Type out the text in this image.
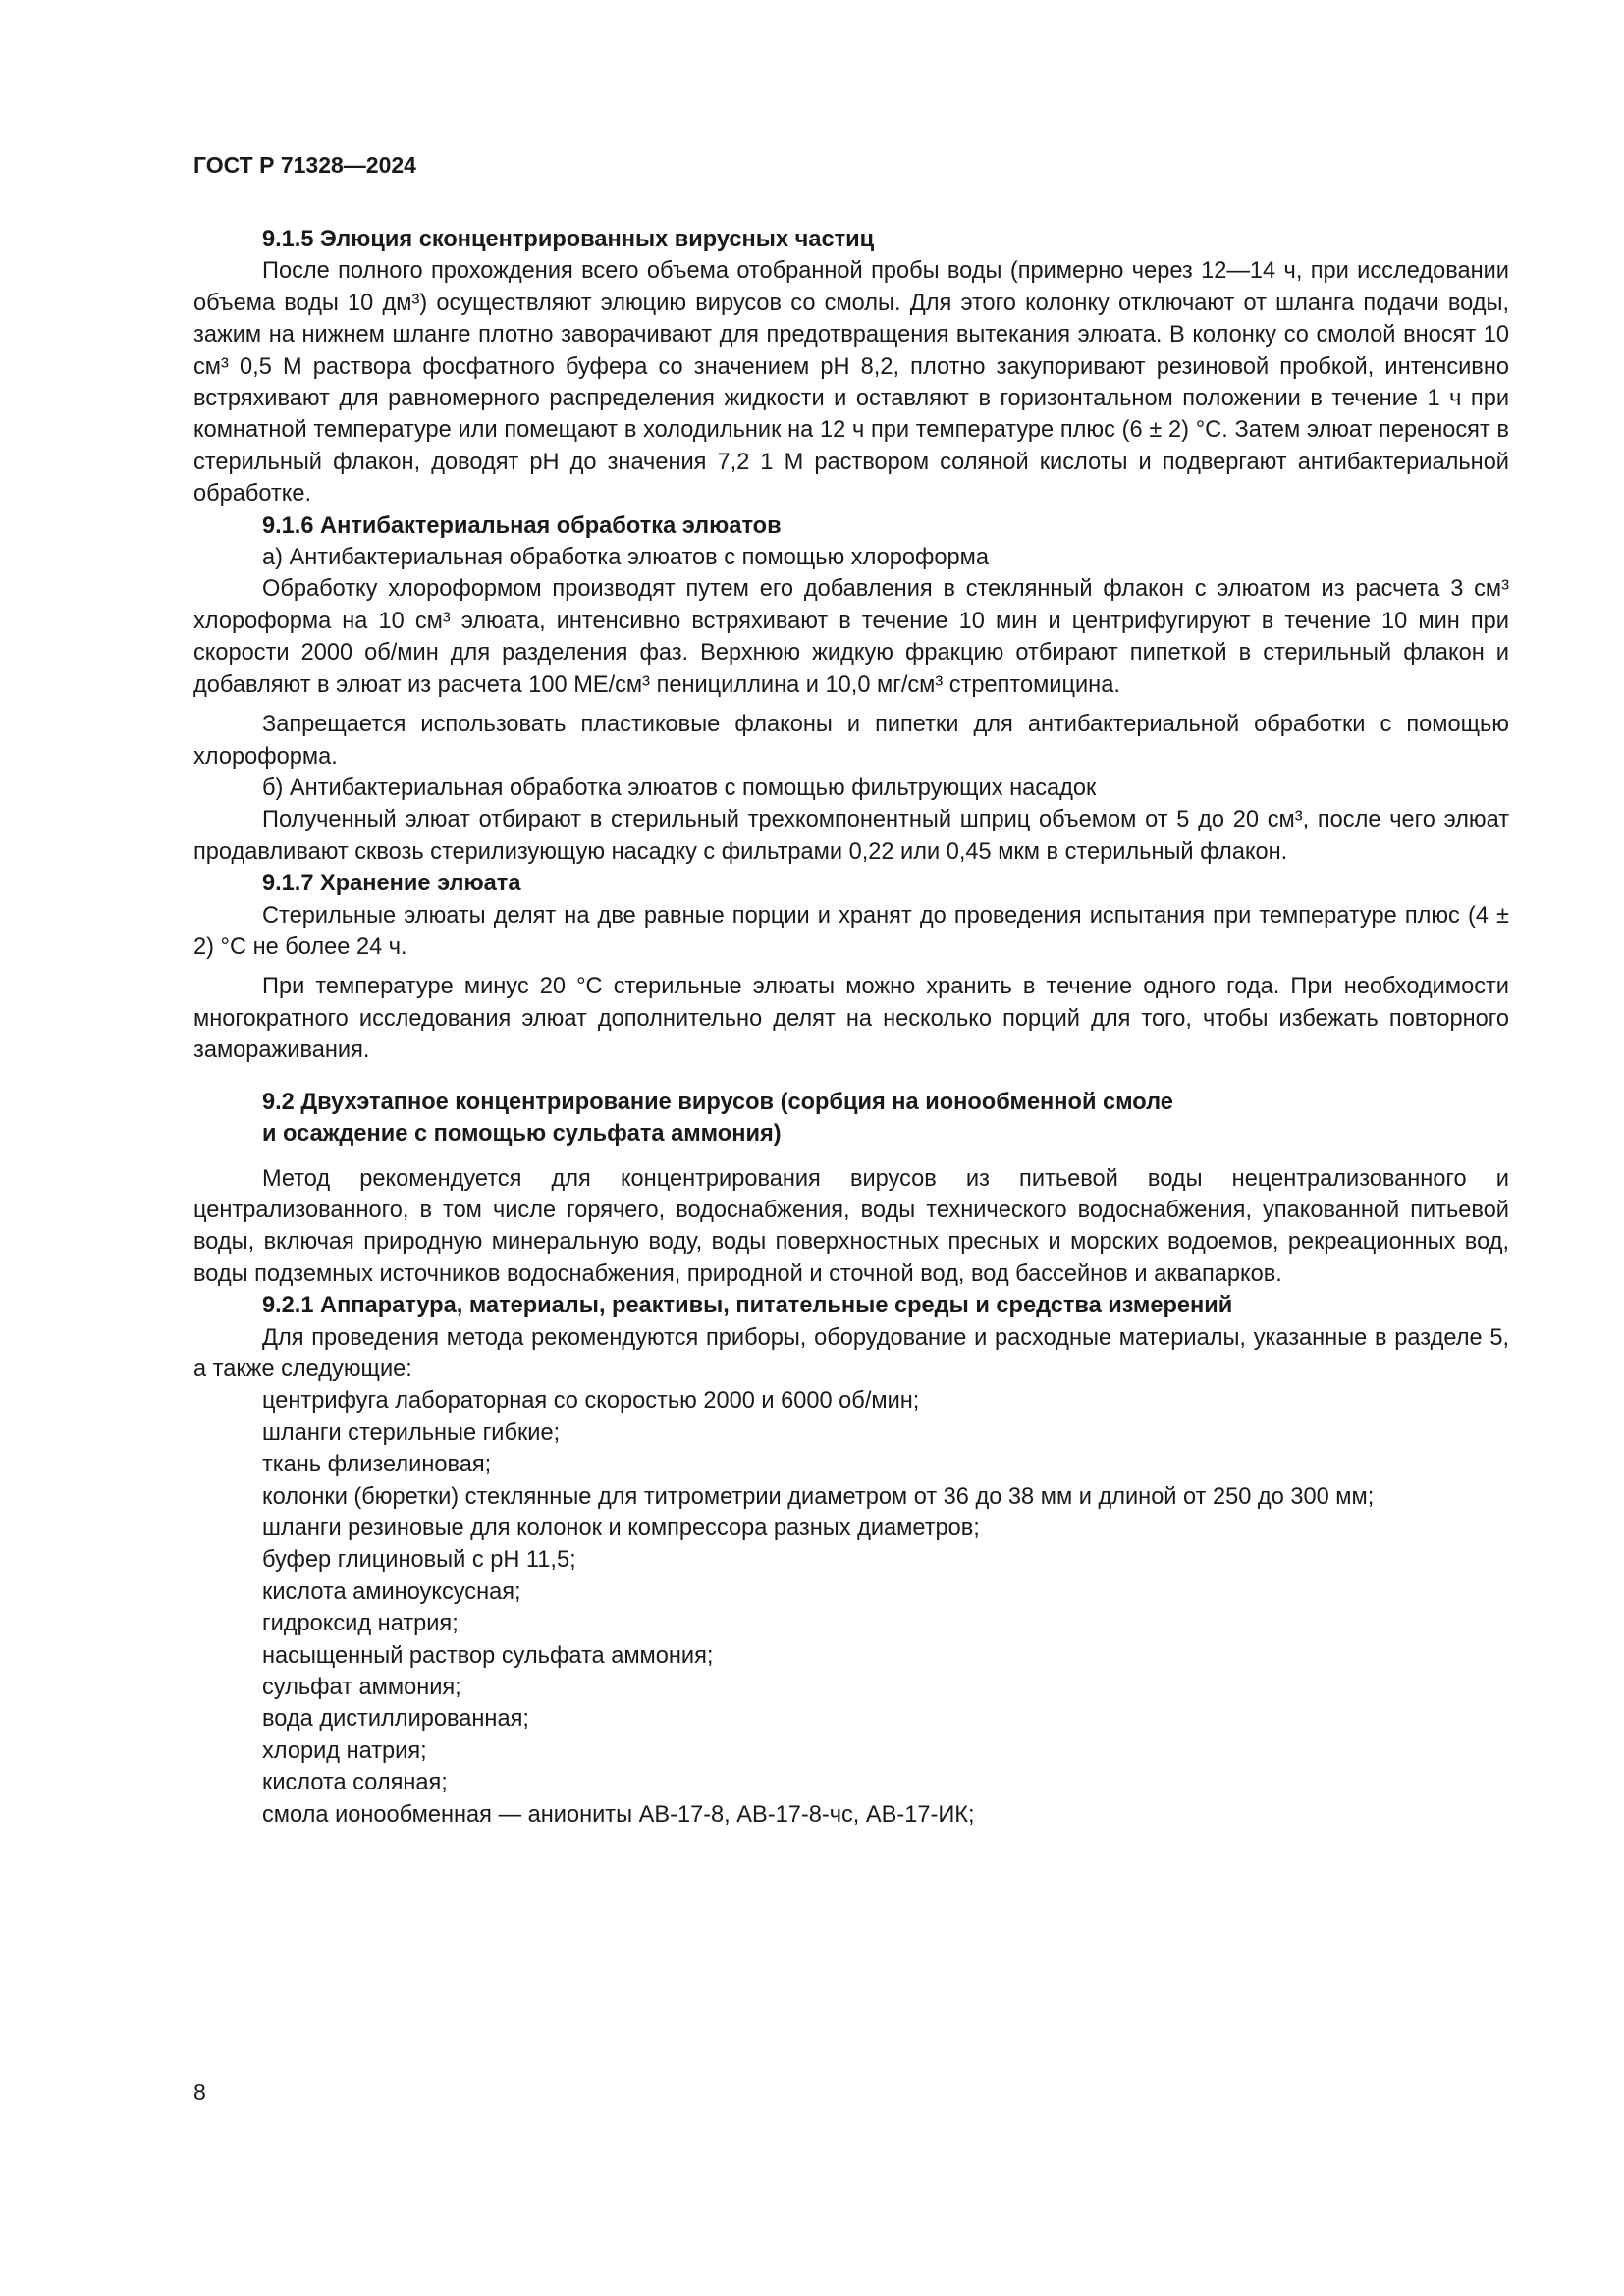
ГОСТ Р 71328—2024

9.1.5 Элюция сконцентрированных вирусных частиц

После полного прохождения всего объема отобранной пробы воды (примерно через 12—14 ч, при исследовании объема воды 10 дм³) осуществляют элюцию вирусов со смолы. Для этого колонку отключают от шланга подачи воды, зажим на нижнем шланге плотно заворачивают для предотвращения вытекания элюата. В колонку со смолой вносят 10 см³ 0,5 М раствора фосфатного буфера со значением pH 8,2, плотно закупоривают резиновой пробкой, интенсивно встряхивают для равномерного распределения жидкости и оставляют в горизонтальном положении в течение 1 ч при комнатной температуре или помещают в холодильник на 12 ч при температуре плюс (6 ± 2) °С. Затем элюат переносят в стерильный флакон, доводят pH до значения 7,2 1 М раствором соляной кислоты и подвергают антибактериальной обработке.

9.1.6 Антибактериальная обработка элюатов

а) Антибактериальная обработка элюатов с помощью хлороформа

Обработку хлороформом производят путем его добавления в стеклянный флакон с элюатом из расчета 3 см³ хлороформа на 10 см³ элюата, интенсивно встряхивают в течение 10 мин и центрифугируют в течение 10 мин при скорости 2000 об/мин для разделения фаз. Верхнюю жидкую фракцию отбирают пипеткой в стерильный флакон и добавляют в элюат из расчета 100 МЕ/см³ пенициллина и 10,0 мг/см³ стрептомицина.

Запрещается использовать пластиковые флаконы и пипетки для антибактериальной обработки с помощью хлороформа.

б) Антибактериальная обработка элюатов с помощью фильтрующих насадок

Полученный элюат отбирают в стерильный трехкомпонентный шприц объемом от 5 до 20 см³, после чего элюат продавливают сквозь стерилизующую насадку с фильтрами 0,22 или 0,45 мкм в стерильный флакон.

9.1.7 Хранение элюата

Стерильные элюаты делят на две равные порции и хранят до проведения испытания при температуре плюс (4 ± 2) °С не более 24 ч.

При температуре минус 20 °С стерильные элюаты можно хранить в течение одного года. При необходимости многократного исследования элюат дополнительно делят на несколько порций для того, чтобы избежать повторного замораживания.

9.2 Двухэтапное концентрирование вирусов (сорбция на ионообменной смоле
и осаждение с помощью сульфата аммония)

Метод рекомендуется для концентрирования вирусов из питьевой воды нецентрализованного и централизованного, в том числе горячего, водоснабжения, воды технического водоснабжения, упакованной питьевой воды, включая природную минеральную воду, воды поверхностных пресных и морских водоемов, рекреационных вод, воды подземных источников водоснабжения, природной и сточной вод, вод бассейнов и аквапарков.

9.2.1 Аппаратура, материалы, реактивы, питательные среды и средства измерений

Для проведения метода рекомендуются приборы, оборудование и расходные материалы, указанные в разделе 5, а также следующие:

центрифуга лабораторная со скоростью 2000 и 6000 об/мин;

шланги стерильные гибкие;

ткань флизелиновая;

колонки (бюретки) стеклянные для титрометрии диаметром от 36 до 38 мм и длиной от 250 до 300 мм;

шланги резиновые для колонок и компрессора разных диаметров;

буфер глициновый с pH 11,5;

кислота аминоуксусная;

гидроксид натрия;

насыщенный раствор сульфата аммония;

сульфат аммония;

вода дистиллированная;

хлорид натрия;

кислота соляная;

смола ионообменная — аниониты АВ-17-8, АВ-17-8-чс, АВ-17-ИК;

8
